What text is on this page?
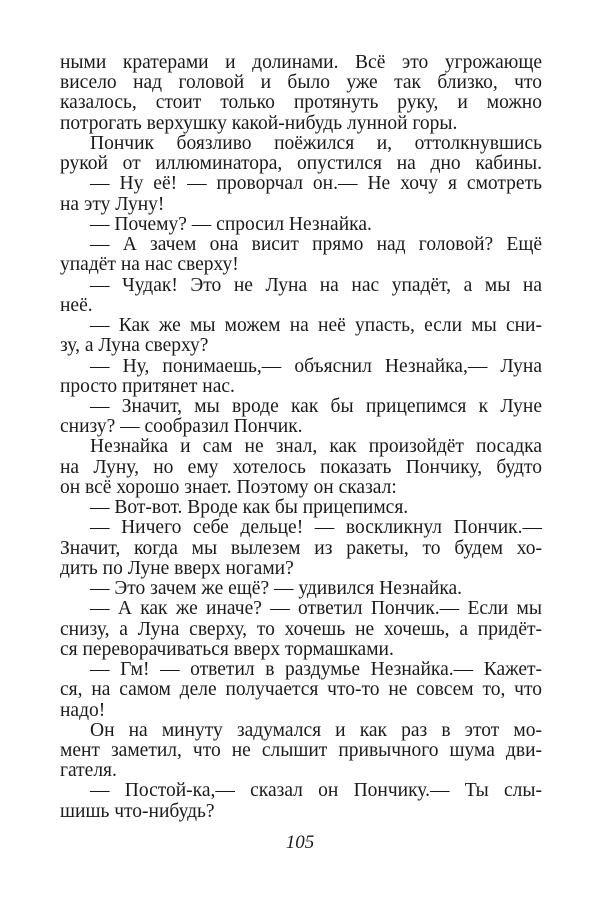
ными кратерами и долинами. Всё это угрожающе
висело над головой и было уже так близко, что
казалось, стоит только протянуть руку, и можно
потрогать верхушку какой-нибудь лунной горы.
Пончик боязливо поёжился и, оттолкнувшись
рукой от иллюминатора, опустился на дно кабины.
— Ну её! — проворчал он.— Не хочу я смотреть
на эту Луну!
— Почему? — спросил Незнайка.
— А зачем она висит прямо над головой? Ещё
упадёт на нас сверху!
— Чудак! Это не Луна на нас упадёт, а мы на
неё.
— Как же мы можем на неё упасть, если мы сни-
зу, а Луна сверху?
— Ну, понимаешь,— объяснил Незнайка,— Луна
просто притянет нас.
— Значит, мы вроде как бы прицепимся к Луне
снизу? — сообразил Пончик.
Незнайка и сам не знал, как произойдёт посадка
на Луну, но ему хотелось показать Пончику, будто
он всё хорошо знает. Поэтому он сказал:
— Вот-вот. Вроде как бы прицепимся.
— Ничего себе дельце! — воскликнул Пончик.—
Значит, когда мы вылезем из ракеты, то будем хо-
дить по Луне вверх ногами?
— Это зачем же ещё? — удивился Незнайка.
— А как же иначе? — ответил Пончик.— Если мы
снизу, а Луна сверху, то хочешь не хочешь, а придёт-
ся переворачиваться вверх тормашками.
— Гм! — ответил в раздумье Незнайка.— Кажет-
ся, на самом деле получается что-то не совсем то, что
надо!
Он на минуту задумался и как раз в этот мо-
мент заметил, что не слышит привычного шума дви-
гателя.
— Постой-ка,— сказал он Пончику.— Ты слы-
шишь что-нибудь?
105
